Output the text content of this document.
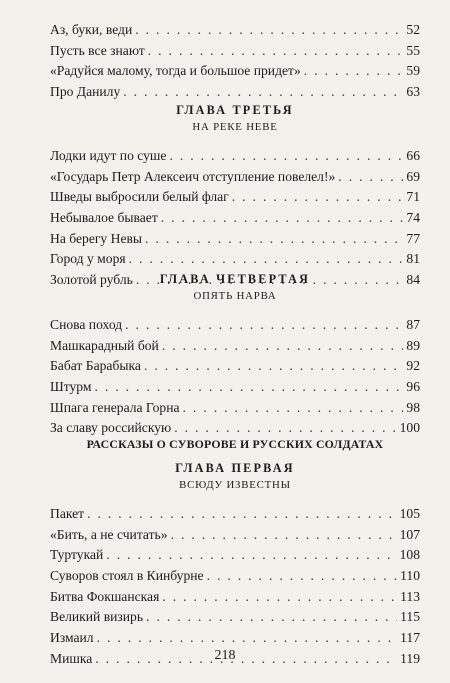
Аз, буки, веди . . .	52
Пусть все знают . . .	55
«Радуйся малому, тогда и большое придет» . . .	59
Про Данилу . . .	63
ГЛАВА ТРЕТЬЯ
НА РЕКЕ НЕВЕ
Лодки идут по суше . . .	66
«Государь Петр Алексеич отступление повелел!» . . .	69
Шведы выбросили белый флаг . . .	71
Небывалое бывает . . .	74
На берегу Невы . . .	77
Город у моря . . .	81
Золотой рубль . . .	84
ГЛАВА ЧЕТВЕРТАЯ
ОПЯТЬ НАРВА
Снова поход . . .	87
Машкарадный бой . . .	89
Бабат Барабыка . . .	92
Штурм . . .	96
Шпага генерала Горна . . .	98
За славу российскую . . .	100
РАССКАЗЫ О СУВОРОВЕ И РУССКИХ СОЛДАТАХ
ГЛАВА ПЕРВАЯ
ВСЮДУ ИЗВЕСТНЫ
Пакет . . .	105
«Бить, а не считать» . . .	107
Туртукай . . .	108
Суворов стоял в Кинбурне . . .	110
Битва Фокшанская . . .	113
Великий визирь . . .	115
Измаил . . .	117
Мишка . . .	119
218
